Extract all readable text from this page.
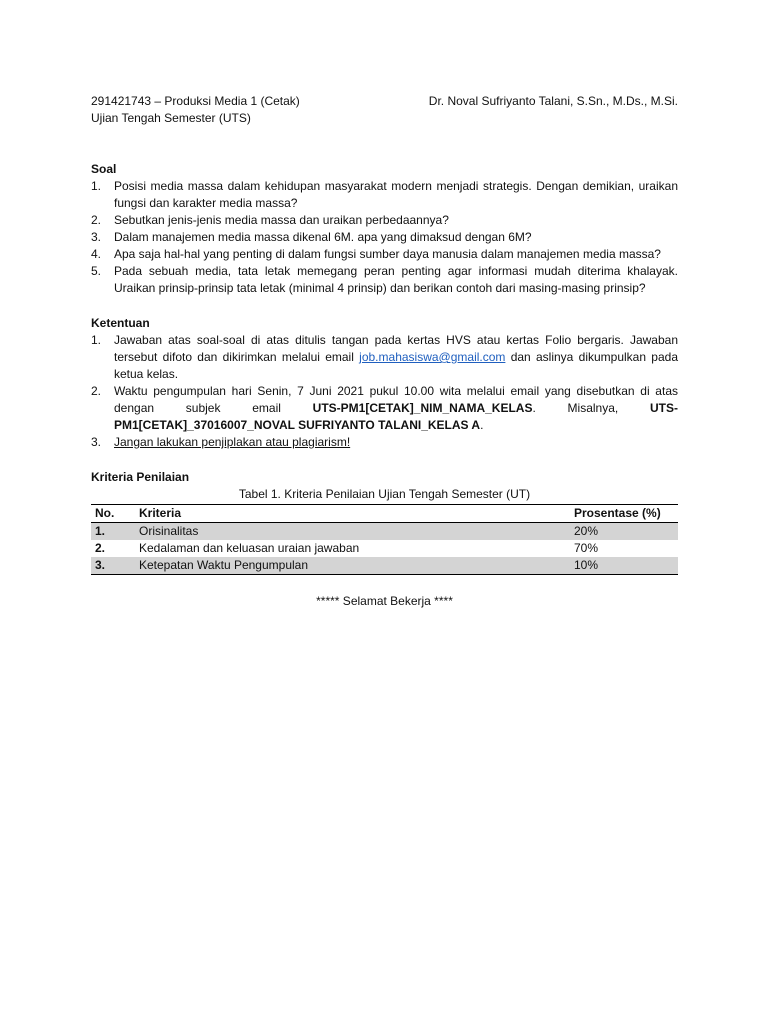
291421743 – Produksi Media 1 (Cetak)	Dr. Noval Sufriyanto Talani, S.Sn., M.Ds., M.Si.
Ujian Tengah Semester (UTS)
Soal
1. Posisi media massa dalam kehidupan masyarakat modern menjadi strategis. Dengan demikian, uraikan fungsi dan karakter media massa?
2. Sebutkan jenis-jenis media massa dan uraikan perbedaannya?
3. Dalam manajemen media massa dikenal 6M. apa yang dimaksud dengan 6M?
4. Apa saja hal-hal yang penting di dalam fungsi sumber daya manusia dalam manajemen media massa?
5. Pada sebuah media, tata letak memegang peran penting agar informasi mudah diterima khalayak. Uraikan prinsip-prinsip tata letak (minimal 4 prinsip) dan berikan contoh dari masing-masing prinsip?
Ketentuan
1. Jawaban atas soal-soal di atas ditulis tangan pada kertas HVS atau kertas Folio bergaris. Jawaban tersebut difoto dan dikirimkan melalui email job.mahasiswa@gmail.com dan aslinya dikumpulkan pada ketua kelas.
2. Waktu pengumpulan hari Senin, 7 Juni 2021 pukul 10.00 wita melalui email yang disebutkan di atas dengan subjek email UTS-PM1[CETAK]_NIM_NAMA_KELAS. Misalnya, UTS-PM1[CETAK]_37016007_NOVAL SUFRIYANTO TALANI_KELAS A.
3. Jangan lakukan penjiplakan atau plagiarism!
Kriteria Penilaian
Tabel 1. Kriteria Penilaian Ujian Tengah Semester (UT)
No.	Kriteria	Prosentase (%)
1.	Orisinalitas	20%
2.	Kedalaman dan keluasan uraian jawaban	70%
3.	Ketepatan Waktu Pengumpulan	10%
***** Selamat Bekerja ****
